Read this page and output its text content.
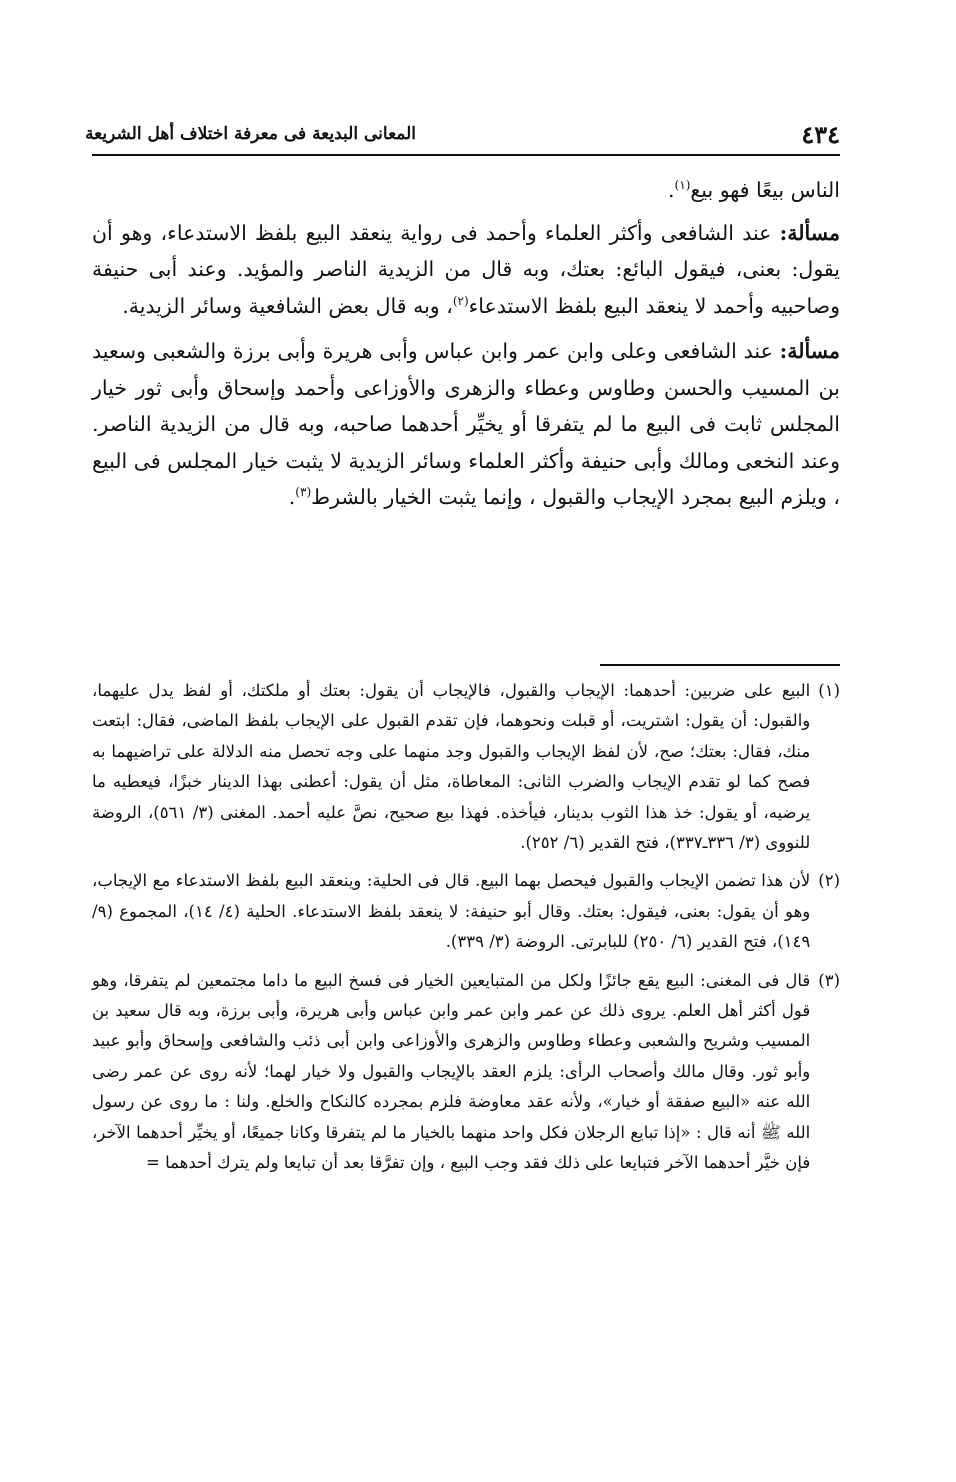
٤٣٤
المعانى البديعة فى معرفة اختلاف أهل الشريعة

الناس بيعًا فهو بيع$^{(١)}$.

مسألة: عند الشافعى وأكثر العلماء وأحمد فى رواية ينعقد البيع بلفظ الاستدعاء، وهو أن يقول: بعنى، فيقول البائع: بعتك، وبه قال من الزيدية الناصر والمؤيد. وعند أبى حنيفة وصاحبيه وأحمد لا ينعقد البيع بلفظ الاستدعاء$^{(٢)}$، وبه قال بعض الشافعية وسائر الزيدية.

مسألة: عند الشافعى وعلى وابن عمر وابن عباس وأبى هريرة وأبى برزة والشعبى وسعيد بن المسيب والحسن وطاوس وعطاء والزهرى والأوزاعى وأحمد وإسحاق وأبى ثور خيار المجلس ثابت فى البيع ما لم يتفرقا أو يخيِّر أحدهما صاحبه، وبه قال من الزيدية الناصر. وعند النخعى ومالك وأبى حنيفة وأكثر العلماء وسائر الزيدية لا يثبت خيار المجلس فى البيع ، ويلزم البيع بمجرد الإيجاب والقبول ، وإنما يثبت الخيار بالشرط$^{(٣)}$.

(١)
البيع على ضربين: أحدهما: الإيجاب والقبول، فالإيجاب أن يقول: بعتك أو ملكتك، أو لفظ يدل عليهما، والقبول: أن يقول: اشتريت، أو قبلت ونحوهما، فإن تقدم القبول على الإيجاب بلفظ الماضى، فقال: ابتعت منك، فقال: بعتك؛ صح، لأن لفظ الإيجاب والقبول وجد منهما على وجه تحصل منه الدلالة على تراضيهما به فصح كما لو تقدم الإيجاب والضرب الثانى: المعاطاة، مثل أن يقول: أعطنى بهذا الدينار خبزًا، فيعطيه ما يرضيه، أو يقول: خذ هذا الثوب بدينار، فيأخذه. فهذا بيع صحيح، نصَّ عليه أحمد. المغنى (٣/ ٥٦١)، الروضة للنووى (٣/ ٣٣٦ـ٣٣٧)، فتح القدير (٦/ ٢٥٢).
(٢)
لأن هذا تضمن الإيجاب والقبول فيحصل بهما البيع. قال فى الحلية: وينعقد البيع بلفظ الاستدعاء مع الإيجاب، وهو أن يقول: بعنى، فيقول: بعتك. وقال أبو حنيفة: لا ينعقد بلفظ الاستدعاء. الحلية (٤/ ١٤)، المجموع (٩/ ١٤٩)، فتح القدير (٦/ ٢٥٠) للبابرتى. الروضة (٣/ ٣٣٩).
(٣)
قال فى المغنى: البيع يقع جائزًا ولكل من المتبايعين الخيار فى فسخ البيع ما داما مجتمعين لم يتفرقا، وهو قول أكثر أهل العلم. يروى ذلك عن عمر وابن عمر وابن عباس وأبى هريرة، وأبى برزة، وبه قال سعيد بن المسيب وشريح والشعبى وعطاء وطاوس والزهرى والأوزاعى وابن أبى ذئب والشافعى وإسحاق وأبو عبيد وأبو ثور. وقال مالك وأصحاب الرأى: يلزم العقد بالإيجاب والقبول ولا خيار لهما؛ لأنه روى عن عمر رضى الله عنه «البيع صفقة أو خيار»، ولأنه عقد معاوضة فلزم بمجرده كالنكاح والخلع. ولنا : ما روى عن رسول الله ﷺ أنه قال : «إذا تبايع الرجلان فكل واحد منهما بالخيار ما لم يتفرقا وكانا جميعًا، أو يخيِّر أحدهما الآخر، فإن خيَّر أحدهما الآخر فتبايعا على ذلك فقد وجب البيع ، وإن تفرَّقا بعد أن تبايعا ولم يترك أحدهما =
